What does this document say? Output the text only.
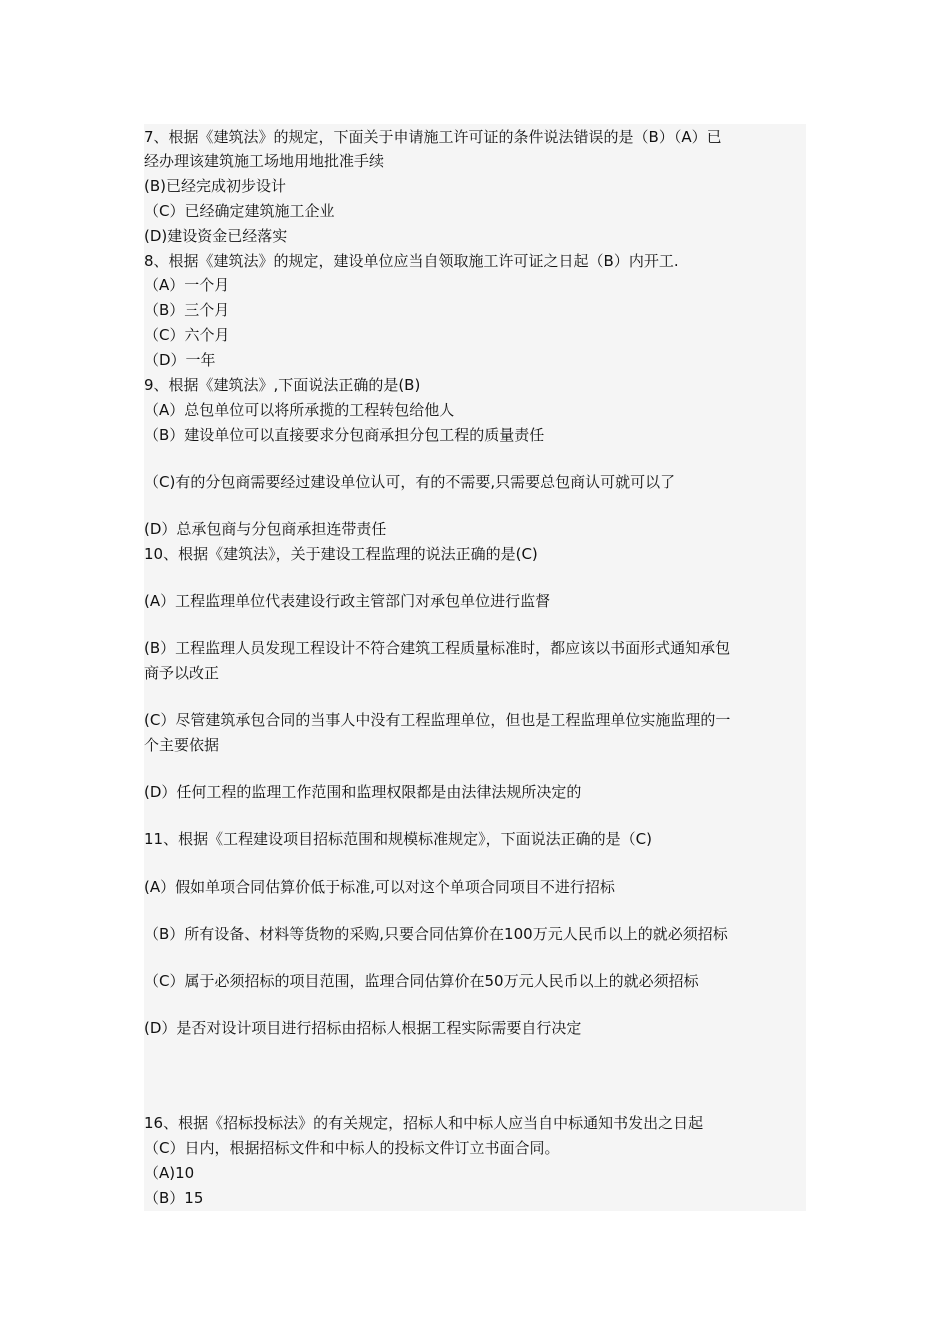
7、根据《建筑法》的规定，下面关于申请施工许可证的条件说法错误的是（B）（A）已
经办理该建筑施工场地用地批准手续
(B)已经完成初步设计
（C）已经确定建筑施工企业
(D)建设资金已经落实
8、根据《建筑法》的规定，建设单位应当自领取施工许可证之日起（B）内开工.
（A）一个月
（B）三个月
（C）六个月
（D）一年
9、根据《建筑法》,下面说法正确的是(B)
（A）总包单位可以将所承揽的工程转包给他人
（B）建设单位可以直接要求分包商承担分包工程的质量责任
（C)有的分包商需要经过建设单位认可，有的不需要,只需要总包商认可就可以了
(D）总承包商与分包商承担连带责任
10、根据《建筑法》，关于建设工程监理的说法正确的是(C)
(A）工程监理单位代表建设行政主管部门对承包单位进行监督
(B）工程监理人员发现工程设计不符合建筑工程质量标准时，都应该以书面形式通知承包
商予以改正
(C）尽管建筑承包合同的当事人中没有工程监理单位，但也是工程监理单位实施监理的一
个主要依据
(D）任何工程的监理工作范围和监理权限都是由法律法规所决定的
11、根据《工程建设项目招标范围和规模标准规定》，下面说法正确的是（C)
(A）假如单项合同估算价低于标准,可以对这个单项合同项目不进行招标
（B）所有设备、材料等货物的采购,只要合同估算价在100万元人民币以上的就必须招标
（C）属于必须招标的项目范围，监理合同估算价在50万元人民币以上的就必须招标
(D）是否对设计项目进行招标由招标人根据工程实际需要自行决定
16、根据《招标投标法》的有关规定，招标人和中标人应当自中标通知书发出之日起
（C）日内，根据招标文件和中标人的投标文件订立书面合同。
（A)10
（B）15
